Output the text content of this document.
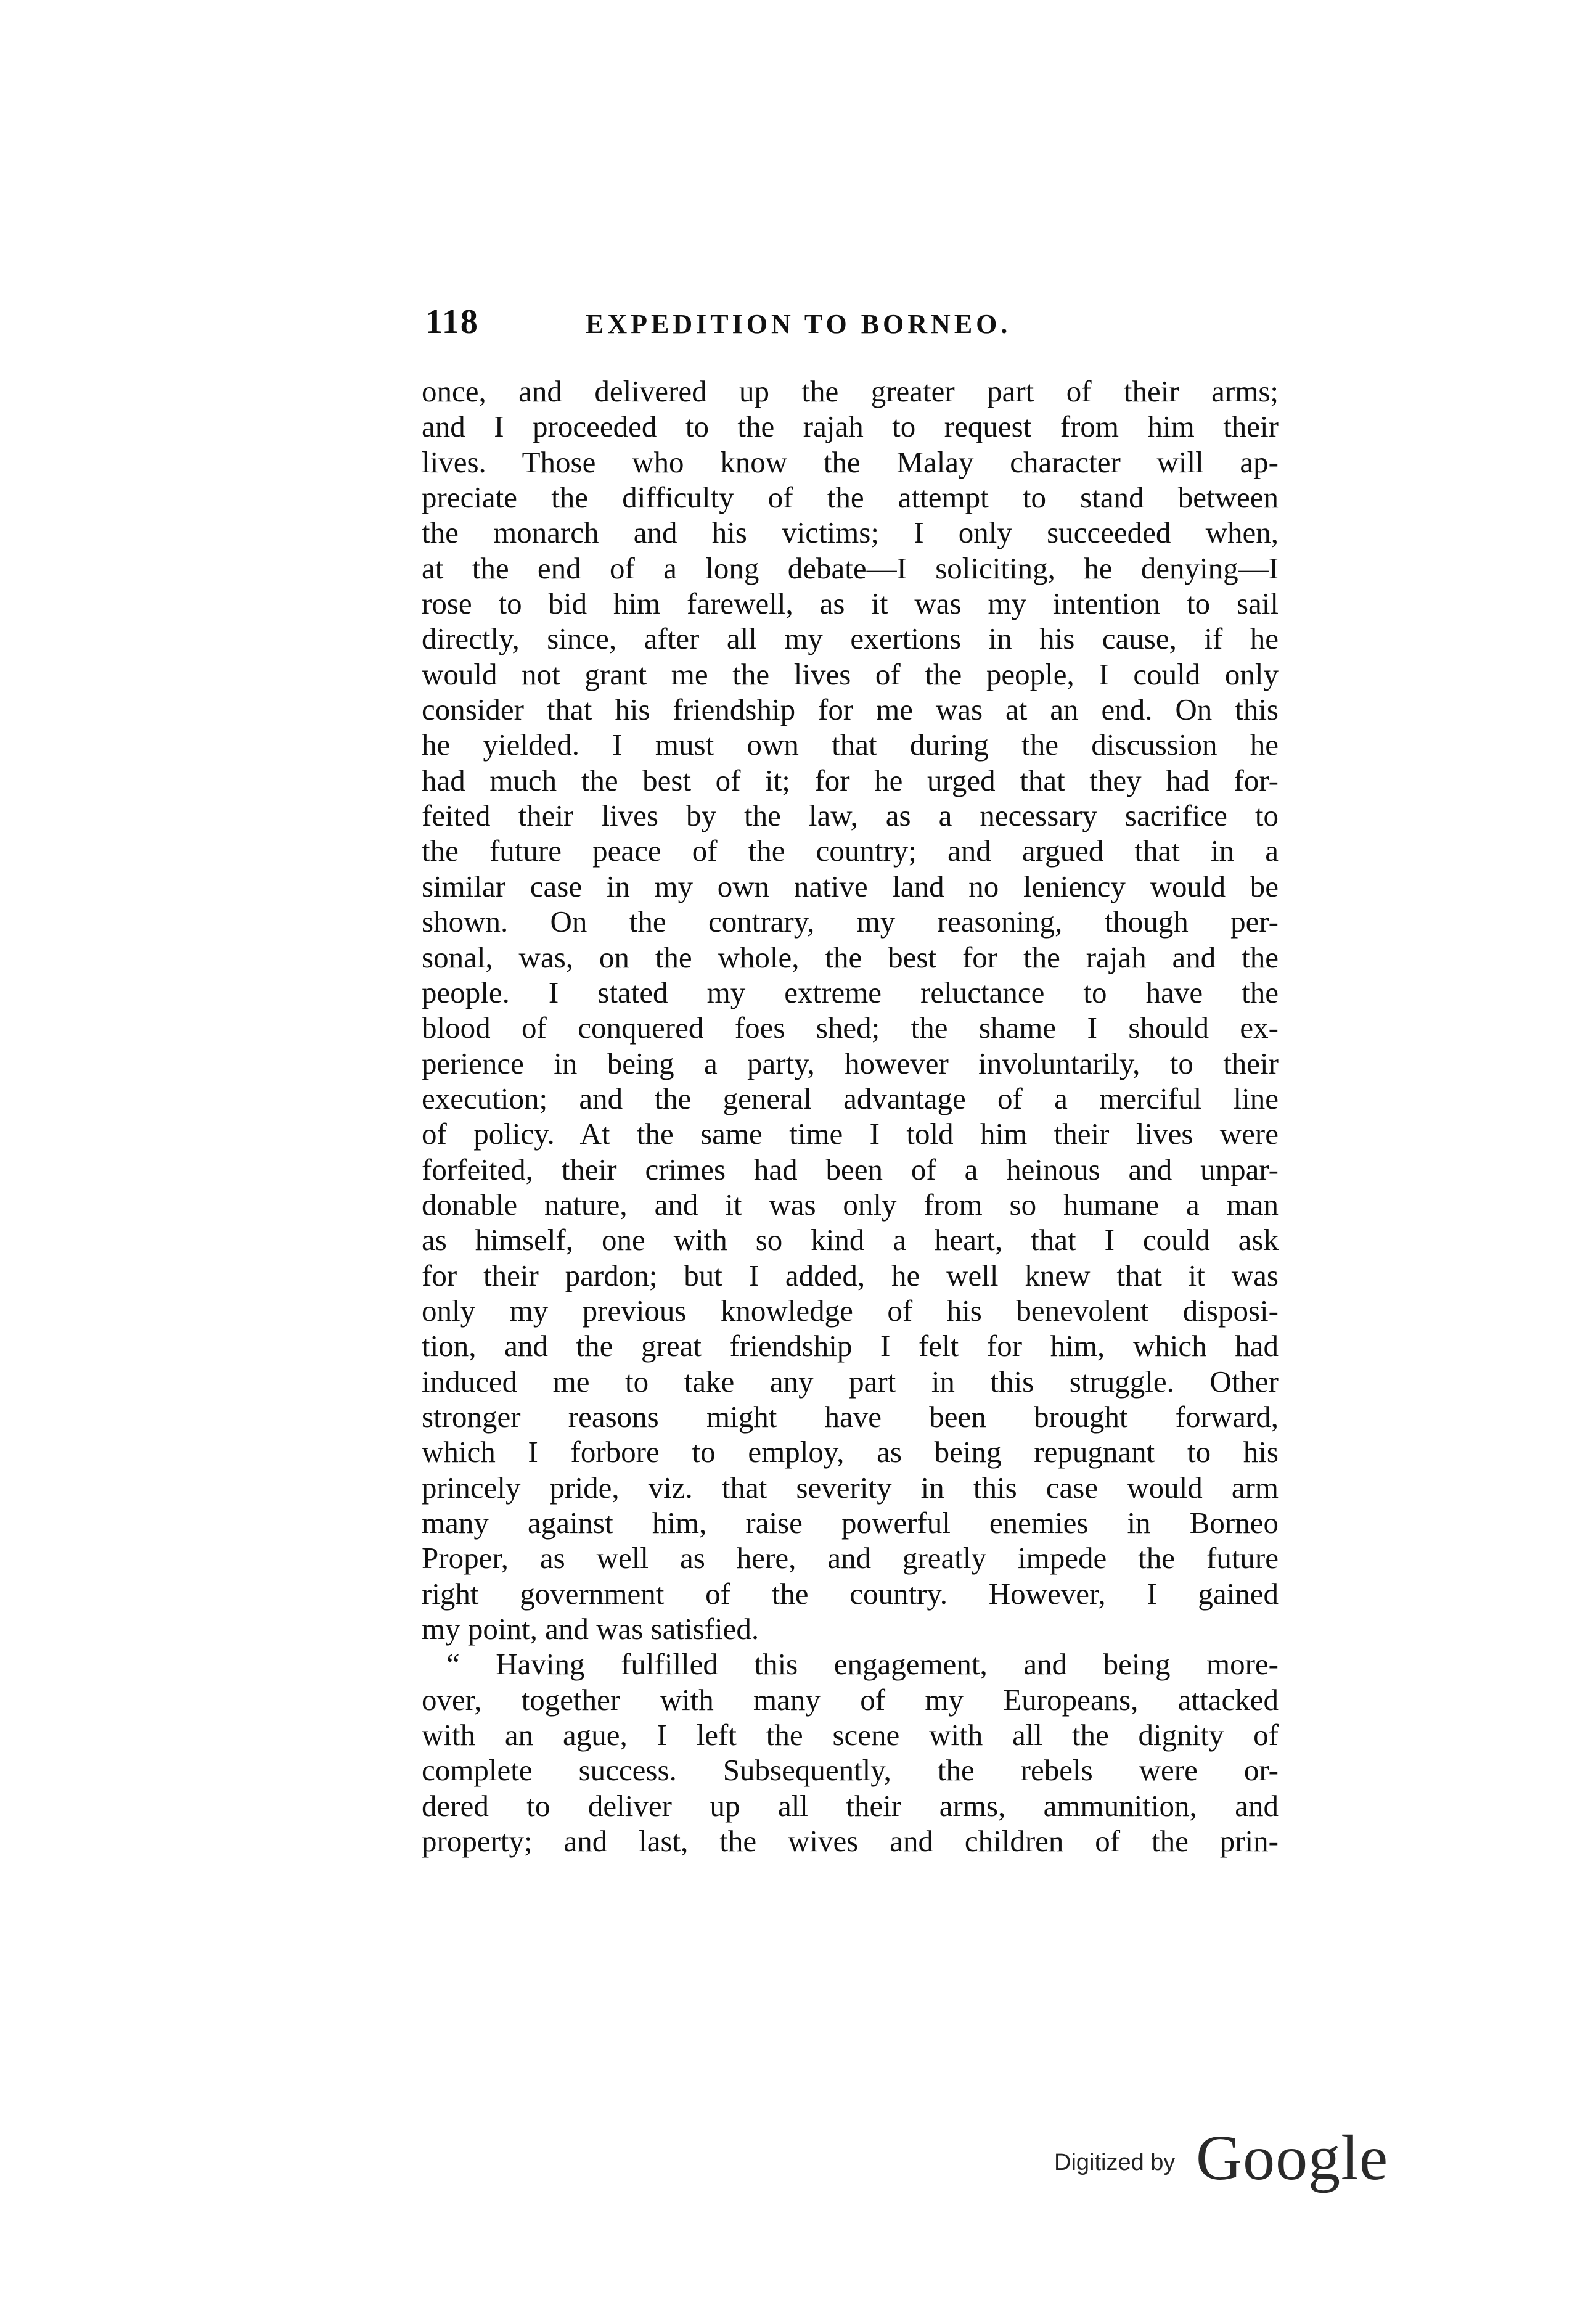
118	EXPEDITION TO BORNEO.
once, and delivered up the greater part of their arms;
and I proceeded to the rajah to request from him their
lives. Those who know the Malay character will ap-
preciate the difficulty of the attempt to stand between
the monarch and his victims; I only succeeded when,
at the end of a long debate—I soliciting, he denying—I
rose to bid him farewell, as it was my intention to sail
directly, since, after all my exertions in his cause, if he
would not grant me the lives of the people, I could only
consider that his friendship for me was at an end. On this
he yielded. I must own that during the discussion he
had much the best of it; for he urged that they had for-
feited their lives by the law, as a necessary sacrifice to
the future peace of the country; and argued that in a
similar case in my own native land no leniency would be
shown. On the contrary, my reasoning, though per-
sonal, was, on the whole, the best for the rajah and the
people. I stated my extreme reluctance to have the
blood of conquered foes shed; the shame I should ex-
perience in being a party, however involuntarily, to their
execution; and the general advantage of a merciful line
of policy. At the same time I told him their lives were
forfeited, their crimes had been of a heinous and unpar-
donable nature, and it was only from so humane a man
as himself, one with so kind a heart, that I could ask
for their pardon; but I added, he well knew that it was
only my previous knowledge of his benevolent disposi-
tion, and the great friendship I felt for him, which had
induced me to take any part in this struggle. Other
stronger reasons might have been brought forward,
which I forbore to employ, as being repugnant to his
princely pride, viz. that severity in this case would arm
many against him, raise powerful enemies in Borneo
Proper, as well as here, and greatly impede the future
right government of the country. However, I gained
my point, and was satisfied.
“ Having fulfilled this engagement, and being more-
over, together with many of my Europeans, attacked
with an ague, I left the scene with all the dignity of
complete success. Subsequently, the rebels were or-
dered to deliver up all their arms, ammunition, and
property; and last, the wives and children of the prin-
Digitized by Google
